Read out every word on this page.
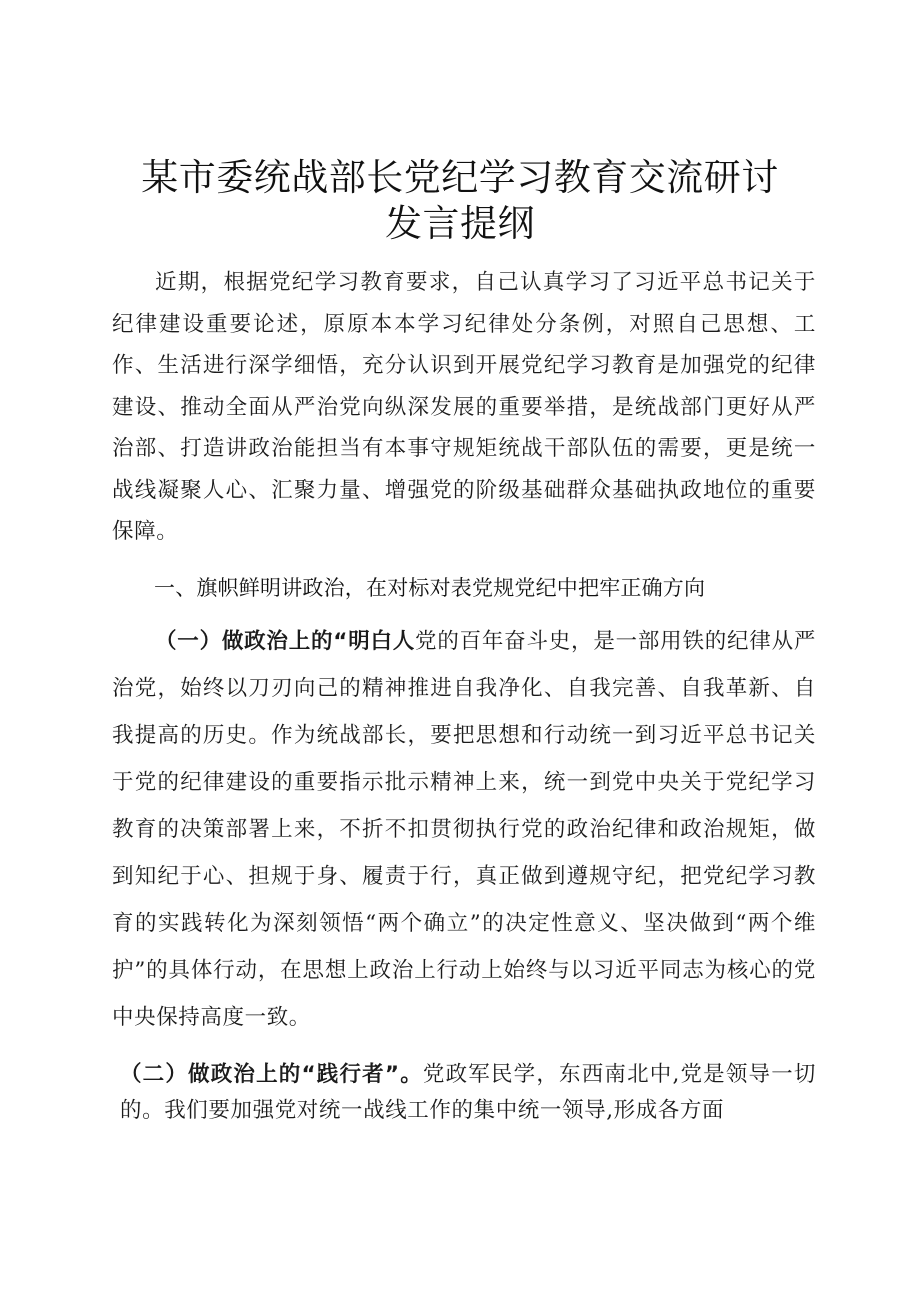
某市委统战部长党纪学习教育交流研讨发言提纲

近期，根据党纪学习教育要求，自己认真学习了习近平总书记关于纪律建设重要论述，原原本本学习纪律处分条例，对照自己思想、工作、生活进行深学细悟，充分认识到开展党纪学习教育是加强党的纪律建设、推动全面从严治党向纵深发展的重要举措，是统战部门更好从严治部、打造讲政治能担当有本事守规矩统战干部队伍的需要，更是统一战线凝聚人心、汇聚力量、增强党的阶级基础群众基础执政地位的重要保障。

一、旗帜鲜明讲政治，在对标对表党规党纪中把牢正确方向

（一）做政治上的“明白人党的百年奋斗史，是一部用铁的纪律从严治党，始终以刀刃向己的精神推进自我净化、自我完善、自我革新、自我提高的历史。作为统战部长，要把思想和行动统一到习近平总书记关于党的纪律建设的重要指示批示精神上来，统一到党中央关于党纪学习教育的决策部署上来，不折不扣贯彻执行党的政治纪律和政治规矩，做到知纪于心、担规于身、履责于行，真正做到遵规守纪，把党纪学习教育的实践转化为深刻领悟“两个确立”的决定性意义、坚决做到“两个维护”的具体行动，在思想上政治上行动上始终与以习近平同志为核心的党中央保持高度一致。

（二）做政治上的“践行者”。党政军民学，东西南北中,党是领导一切的。我们要加强党对统一战线工作的集中统一领导,形成各方面
